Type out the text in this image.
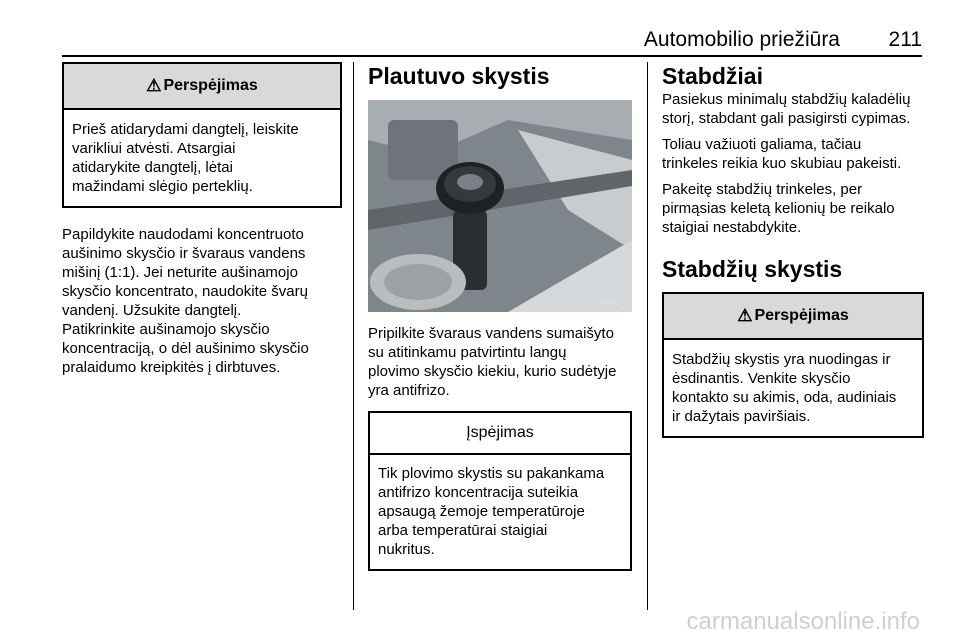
Automobilio priežiūra 211
⚠ Perspėjimas
Prieš atidarydami dangtelį, leiskite
varikliui atvėsti. Atsargiai
atidarykite dangtelį, lėtai
mažindami slėgio perteklių.
Papildykite naudodami koncentruoto
aušinimo skysčio ir švaraus vandens
mišinį (1:1). Jei neturite aušinamojo
skysčio koncentrato, naudokite švarų
vandenį. Užsukite dangtelį.
Patikrinkite aušinamojo skysčio
koncentraciją, o dėl aušinimo skysčio
pralaidumo kreipkitės į dirbtuves.
Plautuvo skystis
19054
Pripilkite švaraus vandens sumaišyto
su atitinkamu patvirtintu langų
plovimo skysčio kiekiu, kurio sudėtyje
yra antifrizo.
Įspėjimas
Tik plovimo skystis su pakankama
antifrizo koncentracija suteikia
apsaugą žemoje temperatūroje
arba temperatūrai staigiai
nukritus.
Stabdžiai
Pasiekus minimalų stabdžių kaladėlių
storį, stabdant gali pasigirsti cypimas.
Toliau važiuoti galiama, tačiau
trinkeles reikia kuo skubiau pakeisti.
Pakeitę stabdžių trinkeles, per
pirmąsias keletą kelionių be reikalo
staigiai nestabdykite.
Stabdžių skystis
⚠ Perspėjimas
Stabdžių skystis yra nuodingas ir
ėsdinantis. Venkite skysčio
kontakto su akimis, oda, audiniais
ir dažytais paviršiais.
carmanualsonline.info
